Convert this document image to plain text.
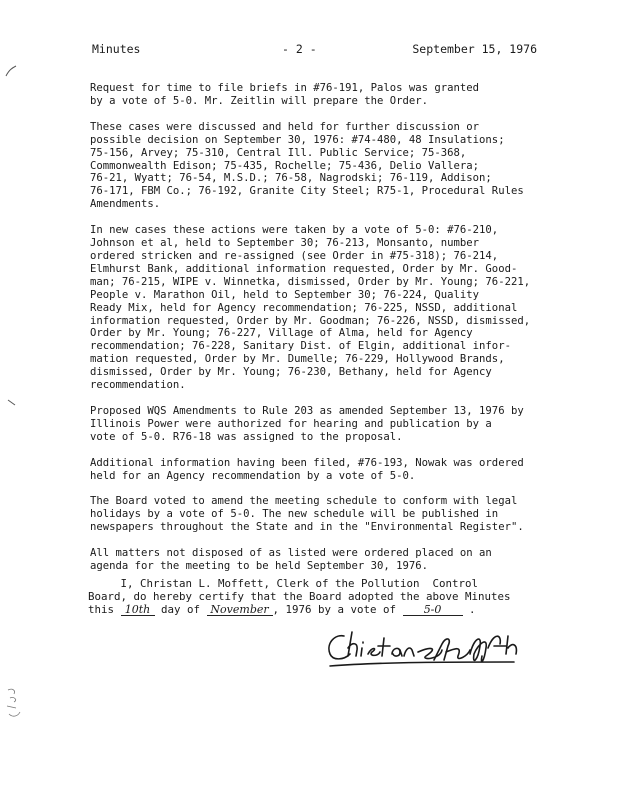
Minutes	- 2 -	September 15, 1976

Request for time to file briefs in #76-191, Palos was granted
by a vote of 5-0. Mr. Zeitlin will prepare the Order.

These cases were discussed and held for further discussion or
possible decision on September 30, 1976: #74-480, 48 Insulations;
75-156, Arvey; 75-310, Central Ill. Public Service; 75-368,
Commonwealth Edison; 75-435, Rochelle; 75-436, Delio Vallera;
76-21, Wyatt; 76-54, M.S.D.; 76-58, Nagrodski; 76-119, Addison;
76-171, FBM Co.; 76-192, Granite City Steel; R75-1, Procedural Rules
Amendments.

In new cases these actions were taken by a vote of 5-0: #76-210,
Johnson et al, held to September 30; 76-213, Monsanto, number
ordered stricken and re-assigned (see Order in #75-318); 76-214,
Elmhurst Bank, additional information requested, Order by Mr. Good-
man; 76-215, WIPE v. Winnetka, dismissed, Order by Mr. Young; 76-221,
People v. Marathon Oil, held to September 30; 76-224, Quality
Ready Mix, held for Agency recommendation; 76-225, NSSD, additional
information requested, Order by Mr. Goodman; 76-226, NSSD, dismissed,
Order by Mr. Young; 76-227, Village of Alma, held for Agency
recommendation; 76-228, Sanitary Dist. of Elgin, additional infor-
mation requested, Order by Mr. Dumelle; 76-229, Hollywood Brands,
dismissed, Order by Mr. Young; 76-230, Bethany, held for Agency
recommendation.

Proposed WQS Amendments to Rule 203 as amended September 13, 1976 by
Illinois Power were authorized for hearing and publication by a
vote of 5-0. R76-18 was assigned to the proposal.

Additional information having been filed, #76-193, Nowak was ordered
held for an Agency recommendation by a vote of 5-0.

The Board voted to amend the meeting schedule to conform with legal
holidays by a vote of 5-0. The new schedule will be published in
newspapers throughout the State and in the "Environmental Register".

All matters not disposed of as listed were ordered placed on an
agenda for the meeting to be held September 30, 1976.

I, Christan L. Moffett, Clerk of the Pollution  Control
Board, do hereby certify that the Board adopted the above Minutes
this 10th day of November , 1976 by a vote of 5-0 .
